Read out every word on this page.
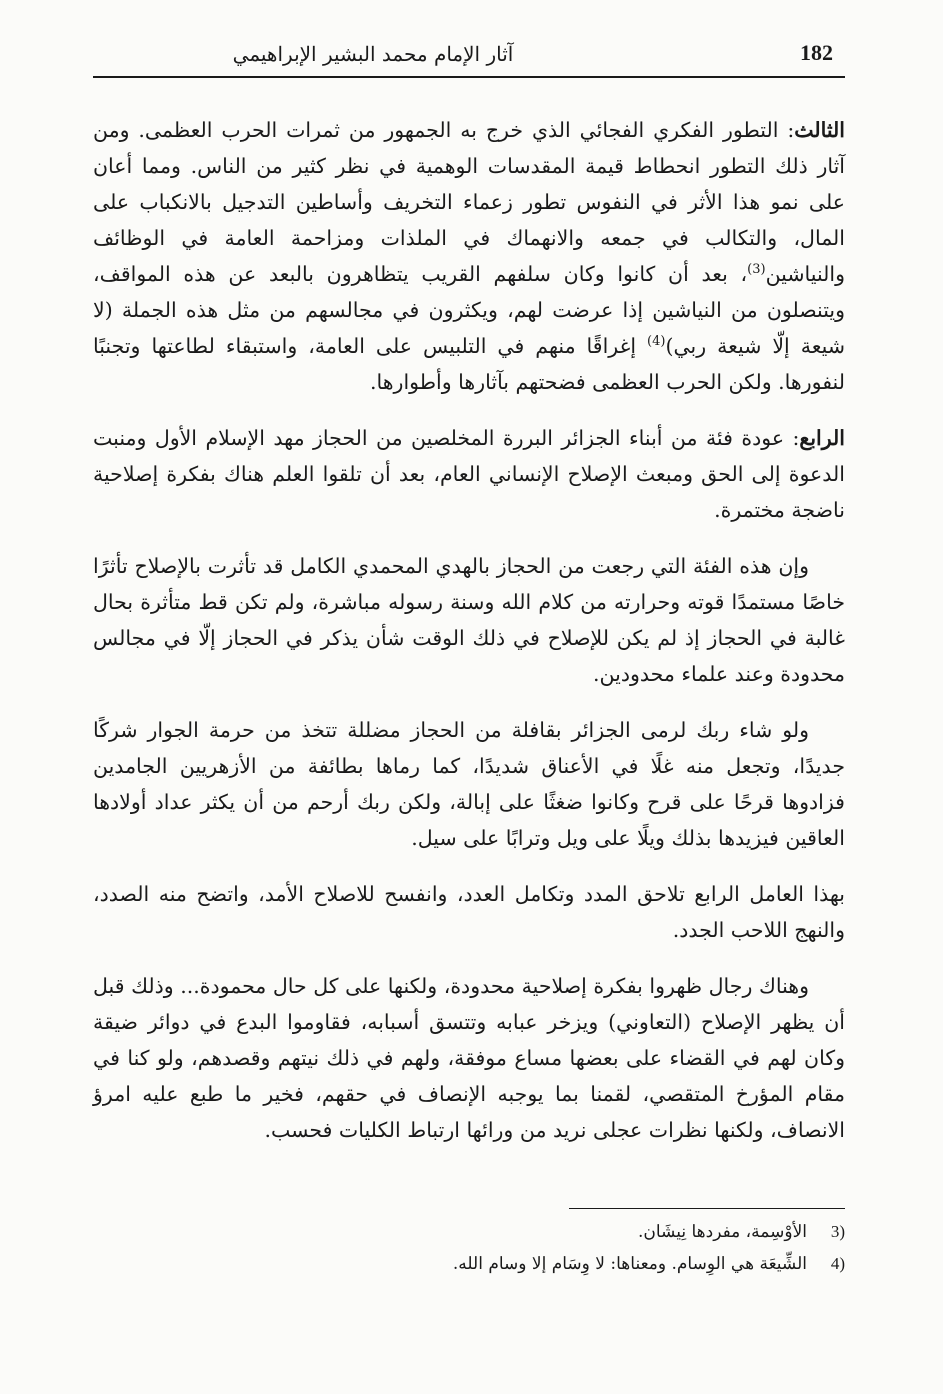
182
آثار الإمام محمد البشير الإبراهيمي

الثالث: التطور الفكري الفجائي الذي خرج به الجمهور من ثمرات الحرب العظمى. ومن آثار ذلك التطور انحطاط قيمة المقدسات الوهمية في نظر كثير من الناس. ومما أعان على نمو هذا الأثر في النفوس تطور زعماء التخريف وأساطين التدجيل بالانكباب على المال، والتكالب في جمعه والانهماك في الملذات ومزاحمة العامة في الوظائف والنياشين$^{(3)}$، بعد أن كانوا وكان سلفهم القريب يتظاهرون بالبعد عن هذه المواقف، ويتنصلون من النياشين إذا عرضت لهم، ويكثرون في مجالسهم من مثل هذه الجملة (لا شيعة إلّا شيعة ربي)$^{(4)}$ إغراقًا منهم في التلبيس على العامة، واستبقاء لطاعتها وتجنبًا لنفورها. ولكن الحرب العظمى فضحتهم بآثارها وأطوارها.

الرابع: عودة فئة من أبناء الجزائر البررة المخلصين من الحجاز مهد الإسلام الأول ومنبت الدعوة إلى الحق ومبعث الإصلاح الإنساني العام، بعد أن تلقوا العلم هناك بفكرة إصلاحية ناضجة مختمرة.

وإن هذه الفئة التي رجعت من الحجاز بالهدي المحمدي الكامل قد تأثرت بالإصلاح تأثرًا خاصًا مستمدًا قوته وحرارته من كلام الله وسنة رسوله مباشرة، ولم تكن قط متأثرة بحال غالبة في الحجاز إذ لم يكن للإصلاح في ذلك الوقت شأن يذكر في الحجاز إلّا في مجالس محدودة وعند علماء محدودين.

ولو شاء ربك لرمى الجزائر بقافلة من الحجاز مضللة تتخذ من حرمة الجوار شركًا جديدًا، وتجعل منه غلًا في الأعناق شديدًا، كما رماها بطائفة من الأزهريين الجامدين فزادوها قرحًا على قرح وكانوا ضغثًا على إبالة، ولكن ربك أرحم من أن يكثر عداد أولادها العاقين فيزيدها بذلك ويلًا على ويل وترابًا على سيل.

بهذا العامل الرابع تلاحق المدد وتكامل العدد، وانفسح للاصلاح الأمد، واتضح منه الصدد، والنهج اللاحب الجدد.

وهناك رجال ظهروا بفكرة إصلاحية محدودة، ولكنها على كل حال محمودة... وذلك قبل أن يظهر الإصلاح (التعاوني) ويزخر عبابه وتتسق أسبابه، فقاوموا البدع في دوائر ضيقة وكان لهم في القضاء على بعضها مساع موفقة، ولهم في ذلك نيتهم وقصدهم، ولو كنا في مقام المؤرخ المتقصي، لقمنا بما يوجبه الإنصاف في حقهم، فخير ما طبع عليه امرؤ الانصاف، ولكنها نظرات عجلى نريد من ورائها ارتباط الكليات فحسب.

3)
الأوْسِمة، مفردها نِيشَان.
4)
الشِّيعَة هي الوِسام. ومعناها: لا وِسَام إلا وسام الله.
